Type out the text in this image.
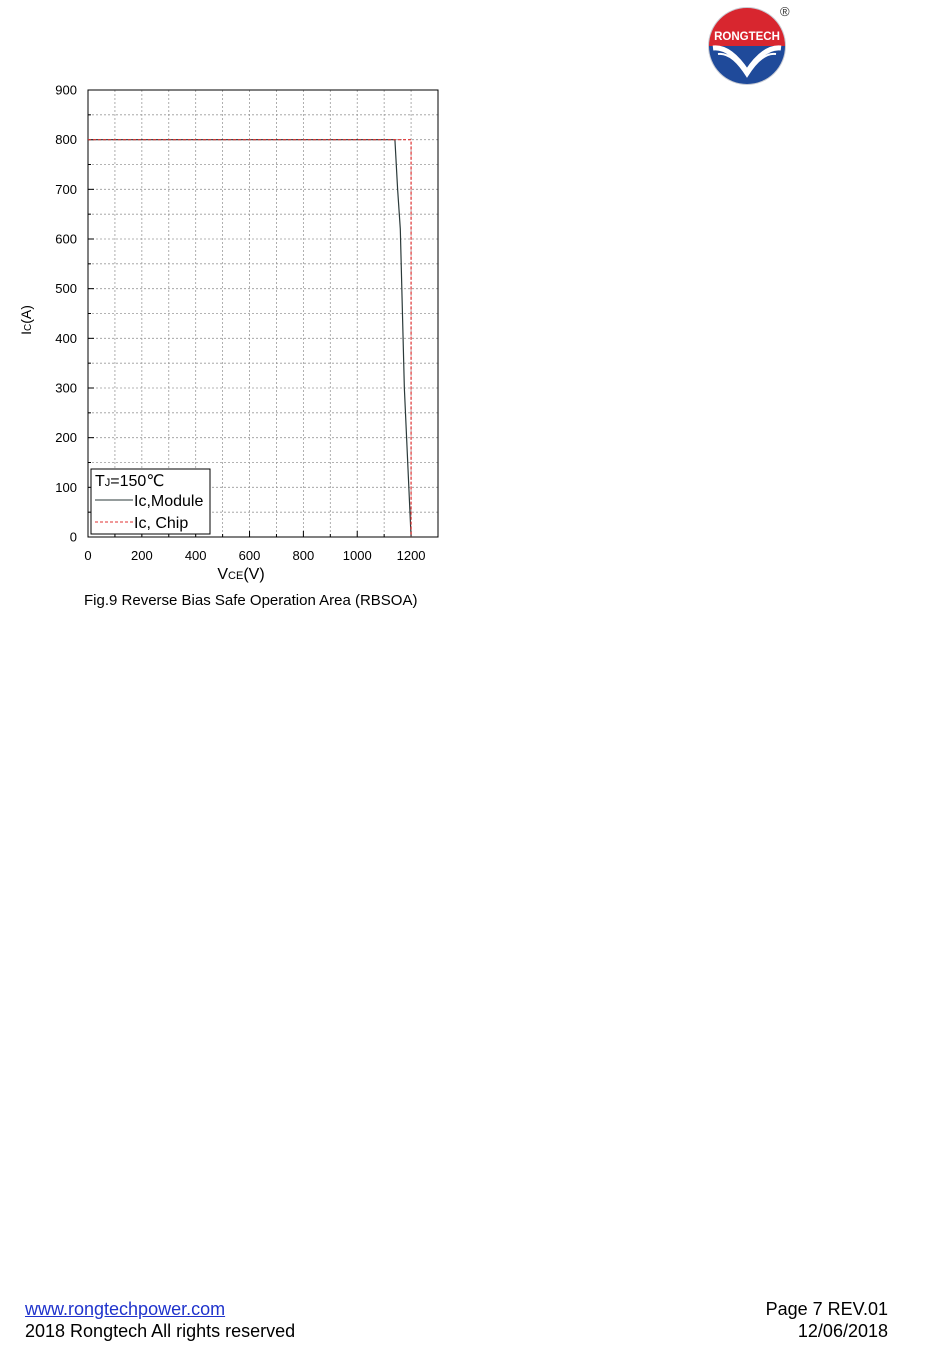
®
RONGTECH
0	200 400 600 800 1000 1200
0
100
200
300
400
500
600
700
800
900
VCE(V)
IC(A)
TJ=150℃
Ic,Module
Ic, Chip
Fig.9 Reverse Bias Safe Operation Area (RBSOA)
www.rongtechpower.com
2018 Rongtech All rights reserved
Page 7 REV.01
12/06/2018
